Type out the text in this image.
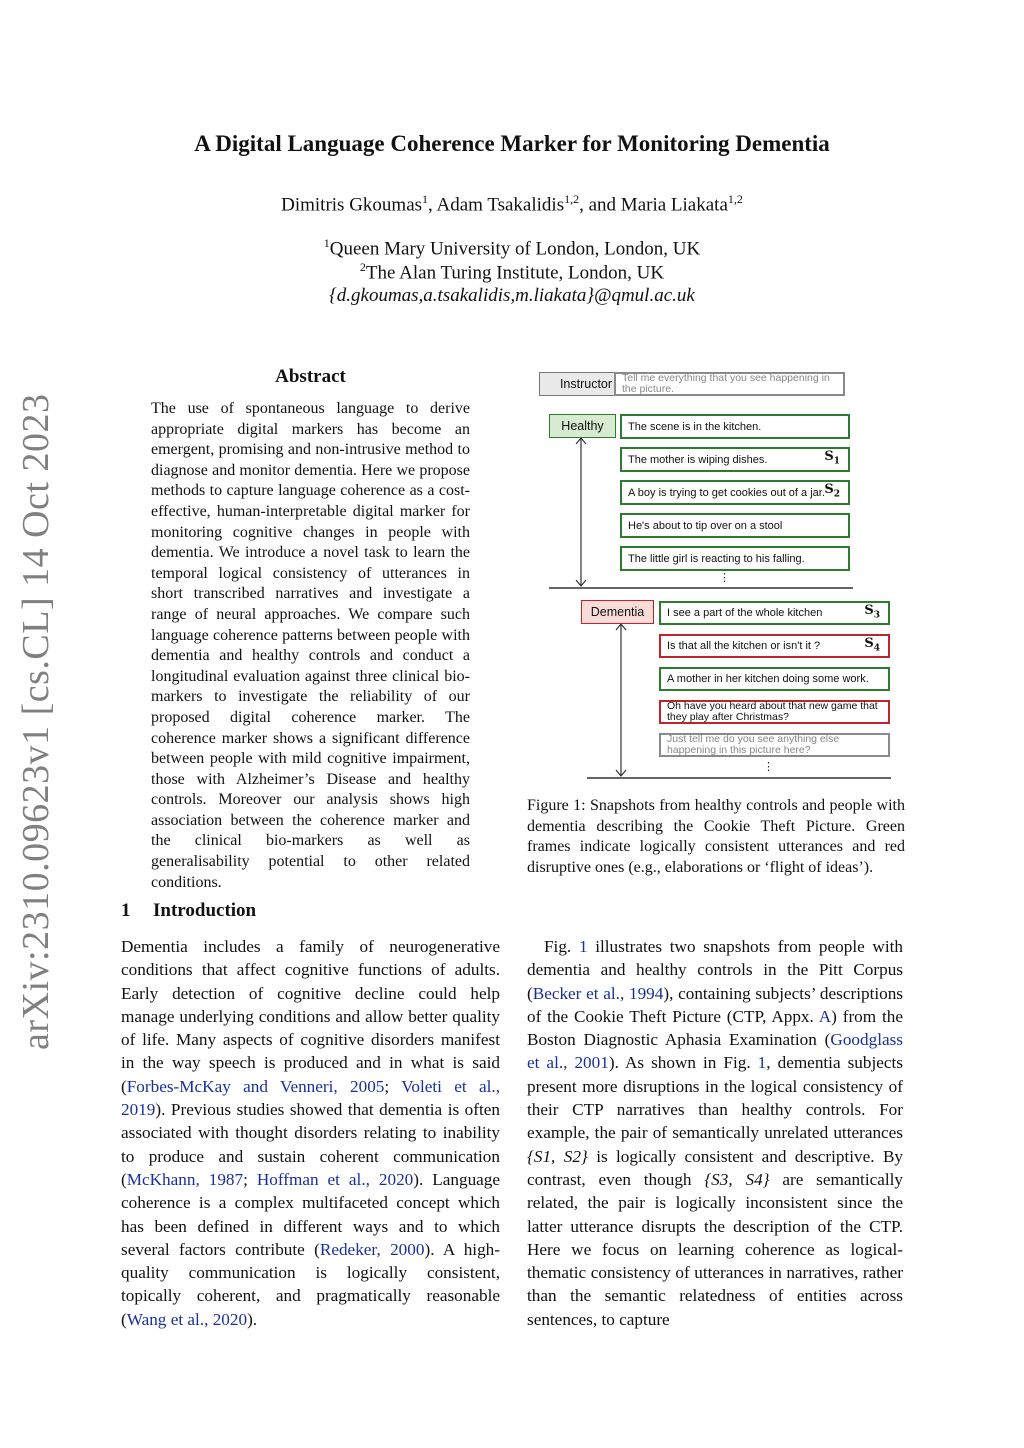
A Digital Language Coherence Marker for Monitoring Dementia
Dimitris Gkoumas$^1$, Adam Tsakalidis$^{1,2}$, and Maria Liakata$^{1,2}$
$^1$Queen Mary University of London, London, UK
$^2$The Alan Turing Institute, London, UK
{d.gkoumas,a.tsakalidis,m.liakata}@qmul.ac.uk
arXiv:2310.09623v1 [cs.CL] 14 Oct 2023
Abstract
The use of spontaneous language to derive appropriate digital markers has become an emergent, promising and non-intrusive method to diagnose and monitor dementia. Here we propose methods to capture language coherence as a cost-effective, human-interpretable digital marker for monitoring cognitive changes in people with dementia. We introduce a novel task to learn the temporal logical consistency of utterances in short transcribed narratives and investigate a range of neural approaches. We compare such language coherence patterns between people with dementia and healthy controls and conduct a longitudinal evaluation against three clinical bio-markers to investigate the reliability of our proposed digital coherence marker. The coherence marker shows a significant difference between people with mild cognitive impairment, those with Alzheimer’s Disease and healthy controls. Moreover our analysis shows high association between the coherence marker and the clinical bio-markers as well as generalisability potential to other related conditions.
1 Introduction
Dementia includes a family of neurogenerative conditions that affect cognitive functions of adults. Early detection of cognitive decline could help manage underlying conditions and allow better quality of life. Many aspects of cognitive disorders manifest in the way speech is produced and in what is said (Forbes-McKay and Venneri, 2005; Voleti et al., 2019). Previous studies showed that dementia is often associated with thought disorders relating to inability to produce and sustain coherent communication (McKhann, 1987; Hoffman et al., 2020). Language coherence is a complex multifaceted concept which has been defined in different ways and to which several factors contribute (Redeker, 2000). A high-quality communication is logically consistent, topically coherent, and pragmatically reasonable (Wang et al., 2020).
Instructor Tell me everything that you see happening in the picture.
Healthy	The scene is in the kitchen.
The mother is wiping dishes.	$S_1$
A boy is trying to get cookies out of a jar. $S_2$
He's about to tip over on a stool
The little girl is reacting to his falling.
⋮
Dementia	I see a part of the whole kitchen	$S_3$
Is that all the kitchen or isn't it ?	$S_4$
A mother in her kitchen doing some work.
Oh have you heard about that new game that they play after Christmas?
Just tell me do you see anything else happening in this picture here?
⋮
Figure 1: Snapshots from healthy controls and people with dementia describing the Cookie Theft Picture. Green frames indicate logically consistent utterances and red disruptive ones (e.g., elaborations or ‘flight of ideas’).
Fig. 1 illustrates two snapshots from people with dementia and healthy controls in the Pitt Corpus (Becker et al., 1994), containing subjects’ descriptions of the Cookie Theft Picture (CTP, Appx. A) from the Boston Diagnostic Aphasia Examination (Goodglass et al., 2001). As shown in Fig. 1, dementia subjects present more disruptions in the logical consistency of their CTP narratives than healthy controls. For example, the pair of semantically unrelated utterances {S1, S2} is logically consistent and descriptive. By contrast, even though {S3, S4} are semantically related, the pair is logically inconsistent since the latter utterance disrupts the description of the CTP. Here we focus on learning coherence as logical-thematic consistency of utterances in narratives, rather than the semantic relatedness of entities across sentences, to capture
